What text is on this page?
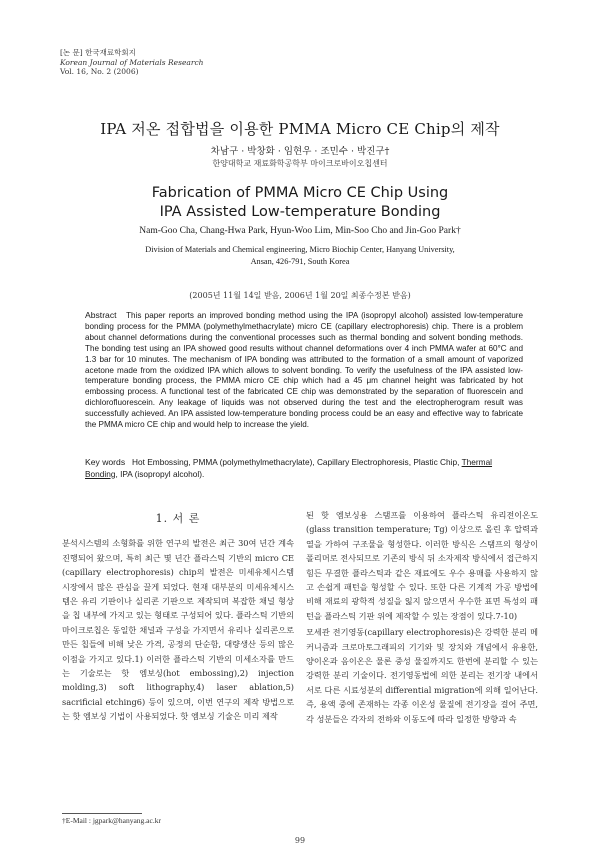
[논 문] 한국재료학회지
Korean Journal of Materials Research
Vol. 16, No. 2 (2006)
IPA 저온 접합법을 이용한 PMMA Micro CE Chip의 제작
차남구 · 박창화 · 임현우 · 조민수 · 박진구†
한양대학교 재료화학공학부 마이크로바이오칩센터
Fabrication of PMMA Micro CE Chip Using
IPA Assisted Low-temperature Bonding
Nam-Goo Cha, Chang-Hwa Park, Hyun-Woo Lim, Min-Soo Cho and Jin-Goo Park†
Division of Materials and Chemical engineering, Micro Biochip Center, Hanyang University,
Ansan, 426-791, South Korea
(2005년 11월 14일 받음, 2006년 1월 20일 최종수정본 받음)
Abstract This paper reports an improved bonding method using the IPA (isopropyl alcohol) assisted low-temperature bonding process for the PMMA (polymethylmethacrylate) micro CE (capillary electrophoresis) chip. There is a problem about channel deformations during the conventional processes such as thermal bonding and solvent bonding methods. The bonding test using an IPA showed good results without channel deformations over 4 inch PMMA wafer at 60°C and 1.3 bar for 10 minutes. The mechanism of IPA bonding was attributed to the formation of a small amount of vaporized acetone made from the oxidized IPA which allows to solvent bonding. To verify the usefulness of the IPA assisted low-temperature bonding process, the PMMA micro CE chip which had a 45 μm channel height was fabricated by hot embossing process. A functional test of the fabricated CE chip was demonstrated by the separation of fluorescein and dichlorofluorescein. Any leakage of liquids was not observed during the test and the electropherogram result was successfully achieved. An IPA assisted low-temperature bonding process could be an easy and effective way to fabricate the PMMA micro CE chip and would help to increase the yield.
Key words Hot Embossing, PMMA (polymethylmethacrylate), Capillary Electrophoresis, Plastic Chip, Thermal Bonding, IPA (isopropyl alcohol).
1. 서 론

분석시스템의 소형화를 위한 연구의 발전은 최근 30여 년간 계속 진행되어 왔으며, 특히 최근 몇 년간 플라스틱 기반의 micro CE (capillary electrophoresis) chip의 발전은 미세유체시스템 시장에서 많은 관심을 끌게 되었다. 현재 대부분의 미세유체시스템은 유리 기판이나 실리콘 기판으로 제작되며 복잡한 채널 형상을 칩 내부에 가지고 있는 형태로 구성되어 있다. 플라스틱 기반의 마이크로칩은 동일한 채널과 구성을 가지면서 유리나 실리콘으로 만든 칩들에 비해 낮은 가격, 공정의 단순함, 대량생산 등의 많은 이점을 가지고 있다.1) 이러한 플라스틱 기반의 미세소자를 만드는 기술로는 핫 엠보싱(hot embossing),2) injection molding,3) soft lithography,4) laser ablation,5) sacrificial etching6) 등이 있으며, 이번 연구의 제작 방법으로는 핫 엠보싱 기법이 사용되었다. 핫 엠보싱 기술은 미리 제작

된 핫 엠보싱용 스탬프를 이용하여 플라스틱 유리전이온도 (glass transition temperature; Tg) 이상으로 올린 후 압력과 열을 가하여 구조물을 형성한다. 이러한 방식은 스탬프의 형상이 폴리머로 전사되므로 기존의 방식 뒤 소자제작 방식에서 접근하지 힘든 무결한 플라스틱과 같은 재료에도 우수 용매를 사용하지 않고 손쉽게 패턴을 형성할 수 있다. 또한 다른 기계적 가공 방법에 비해 재료의 광학적 성질을 잃지 않으면서 우수한 표면 특성의 패턴을 플라스틱 기판 위에 제작할 수 있는 장점이 있다.7-10)

모세관 전기영동(capillary electrophoresis)은 강력한 분리 메커니즘과 크로마토그래피의 기기와 및 장치와 개념에서 유용한, 양이온과 음이온은 물론 중성 물질까지도 한번에 분리할 수 있는 강력한 분리 기술이다. 전기영동법에 의한 분리는 전기장 내에서 서로 다른 시료성분의 differential migration에 의해 일어난다. 즉, 용액 중에 존재하는 각종 이온성 물질에 전기장을 걸어 주면, 각 성분들은 각자의 전하와 이동도에 따라 일정한 방향과 속

†E-Mail : jgpark@hanyang.ac.kr
99
